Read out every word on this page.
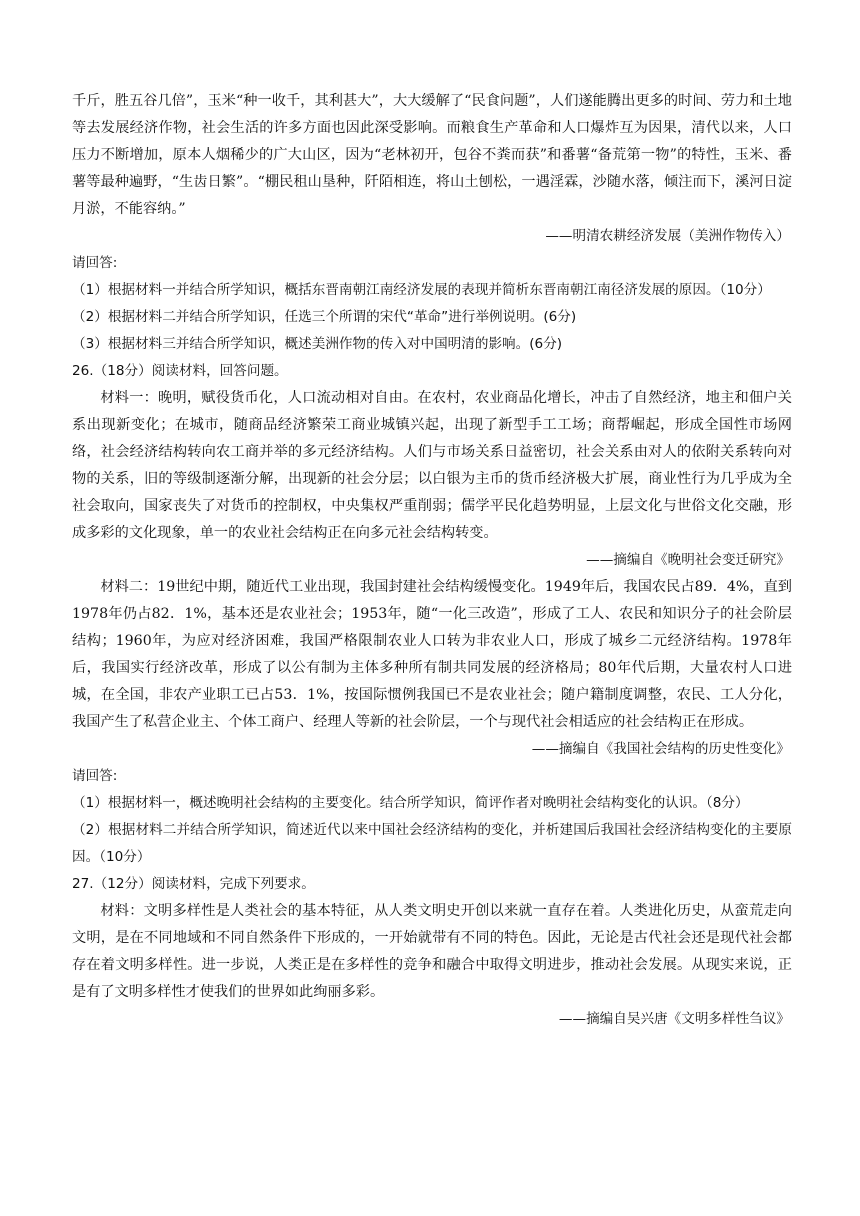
千斤，胜五谷几倍”，玉米“种一收千，其利甚大”，大大缓解了“民食问题”，人们遂能腾出更多的时间、劳力和土地等去发展经济作物，社会生活的许多方面也因此深受影响。而粮食生产革命和人口爆炸互为因果，清代以来，人口压力不断增加，原本人烟稀少的广大山区，因为“老林初开，包谷不粪而获”和番薯“备荒第一物”的特性，玉米、番薯等最种遍野，“生齿日繁”。“棚民租山垦种，阡陌相连，将山土刨松，一遇淫霖，沙随水落，倾注而下，溪河日淀月淤，不能容纳。”

——明清农耕经济发展（美洲作物传入）

请回答:

（1）根据材料一并结合所学知识，概括东晋南朝江南经济发展的表现并简析东晋南朝江南径济发展的原因。（10分）

（2）根据材料二并结合所学知识，任选三个所谓的宋代“革命”进行举例说明。(6分)

（3）根据材料三并结合所学知识，概述美洲作物的传入对中国明清的影响。(6分)

26.（18分）阅读材料，回答问题。

材料一：晚明，赋役货币化，人口流动相对自由。在农村，农业商品化增长，冲击了自然经济，地主和佃户关系出现新变化；在城市，随商品经济繁荣工商业城镇兴起，出现了新型手工工场；商帮崛起，形成全国性市场网络，社会经济结构转向农工商并举的多元经济结构。人们与市场关系日益密切，社会关系由对人的依附关系转向对物的关系，旧的等级制逐渐分解，出现新的社会分层；以白银为主币的货币经济极大扩展，商业性行为几乎成为全社会取向，国家丧失了对货币的控制权，中央集权严重削弱；儒学平民化趋势明显，上层文化与世俗文化交融，形成多彩的文化现象，单一的农业社会结构正在向多元社会结构转变。

——摘编自《晚明社会变迁研究》

材料二：19世纪中期，随近代工业出现，我国封建社会结构缓慢变化。1949年后，我国农民占89．4%，直到1978年仍占82．1%，基本还是农业社会；1953年，随“一化三改造”，形成了工人、农民和知识分子的社会阶层结构；1960年，为应对经济困难，我国严格限制农业人口转为非农业人口，形成了城乡二元经济结构。1978年后，我国实行经济改革，形成了以公有制为主体多种所有制共同发展的经济格局；80年代后期，大量农村人口进城，在全国，非农产业职工已占53．1%，按国际惯例我国已不是农业社会；随户籍制度调整，农民、工人分化，我国产生了私营企业主、个体工商户、经理人等新的社会阶层，一个与现代社会相适应的社会结构正在形成。

——摘编自《我国社会结构的历史性变化》

请回答:

（1）根据材料一，概述晚明社会结构的主要变化。结合所学知识，简评作者对晚明社会结构变化的认识。（8分）

（2）根据材料二并结合所学知识，简述近代以来中国社会经济结构的变化，并析建国后我国社会经济结构变化的主要原因。（10分）

27.（12分）阅读材料，完成下列要求。

材料：文明多样性是人类社会的基本特征，从人类文明史开创以来就一直存在着。人类进化历史，从蛮荒走向文明，是在不同地域和不同自然条件下形成的，一开始就带有不同的特色。因此，无论是古代社会还是现代社会都存在着文明多样性。进一步说，人类正是在多样性的竞争和融合中取得文明进步，推动社会发展。从现实来说，正是有了文明多样性才使我们的世界如此绚丽多彩。

——摘编自吴兴唐《文明多样性刍议》
